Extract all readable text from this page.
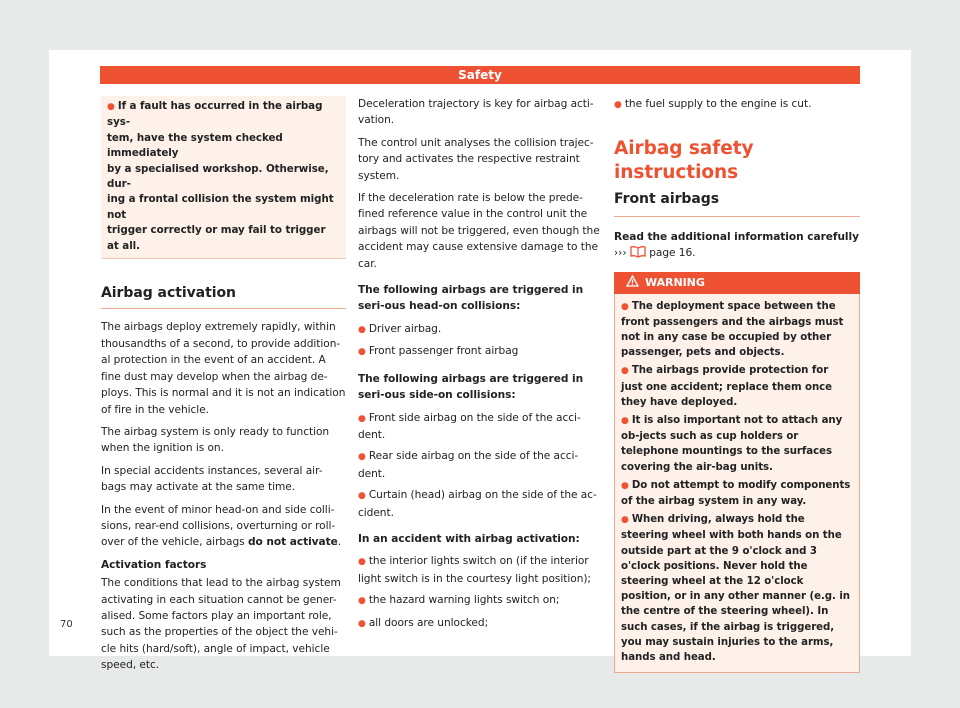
Safety
● If a fault has occurred in the airbag sys-
tem, have the system checked immediately
by a specialised workshop. Otherwise, dur-
ing a frontal collision the system might not
trigger correctly or may fail to trigger at all.
Airbag activation

The airbags deploy extremely rapidly, within thousandths of a second, to provide addition-al protection in the event of an accident. A fine dust may develop when the airbag de-ploys. This is normal and it is not an indication of fire in the vehicle.

The airbag system is only ready to function when the ignition is on.

In special accidents instances, several air-bags may activate at the same time.

In the event of minor head-on and side colli-sions, rear-end collisions, overturning or roll-over of the vehicle, airbags do not activate.

Activation factors

The conditions that lead to the airbag system activating in each situation cannot be gener-alised. Some factors play an important role, such as the properties of the object the vehi-cle hits (hard/soft), angle of impact, vehicle speed, etc.

Deceleration trajectory is key for airbag acti-vation.

The control unit analyses the collision trajec-tory and activates the respective restraint system.

If the deceleration rate is below the prede-fined reference value in the control unit the airbags will not be triggered, even though the accident may cause extensive damage to the car.

The following airbags are triggered in seri-ous head-on collisions:

● Driver airbag.
● Front passenger front airbag

The following airbags are triggered in seri-ous side-on collisions:

● Front side airbag on the side of the acci-dent.
● Rear side airbag on the side of the acci-dent.
● Curtain (head) airbag on the side of the ac-cident.

In an accident with airbag activation:

● the interior lights switch on (if the interior light switch is in the courtesy light position);
● the hazard warning lights switch on;
● all doors are unlocked;
● the fuel supply to the engine is cut.
Airbag safety instructions
Front airbags

Read the additional information carefully

››› page 16.

WARNING
● The deployment space between the front passengers and the airbags must not in any case be occupied by other passenger, pets and objects.
● The airbags provide protection for just one accident; replace them once they have deployed.
● It is also important not to attach any ob-jects such as cup holders or telephone mountings to the surfaces covering the air-bag units.
● Do not attempt to modify components of the airbag system in any way.
● When driving, always hold the steering wheel with both hands on the outside part at the 9 o'clock and 3 o'clock positions. Never hold the steering wheel at the 12 o'clock position, or in any other manner (e.g. in the centre of the steering wheel). In such cases, if the airbag is triggered, you may sustain injuries to the arms, hands and head.
70
